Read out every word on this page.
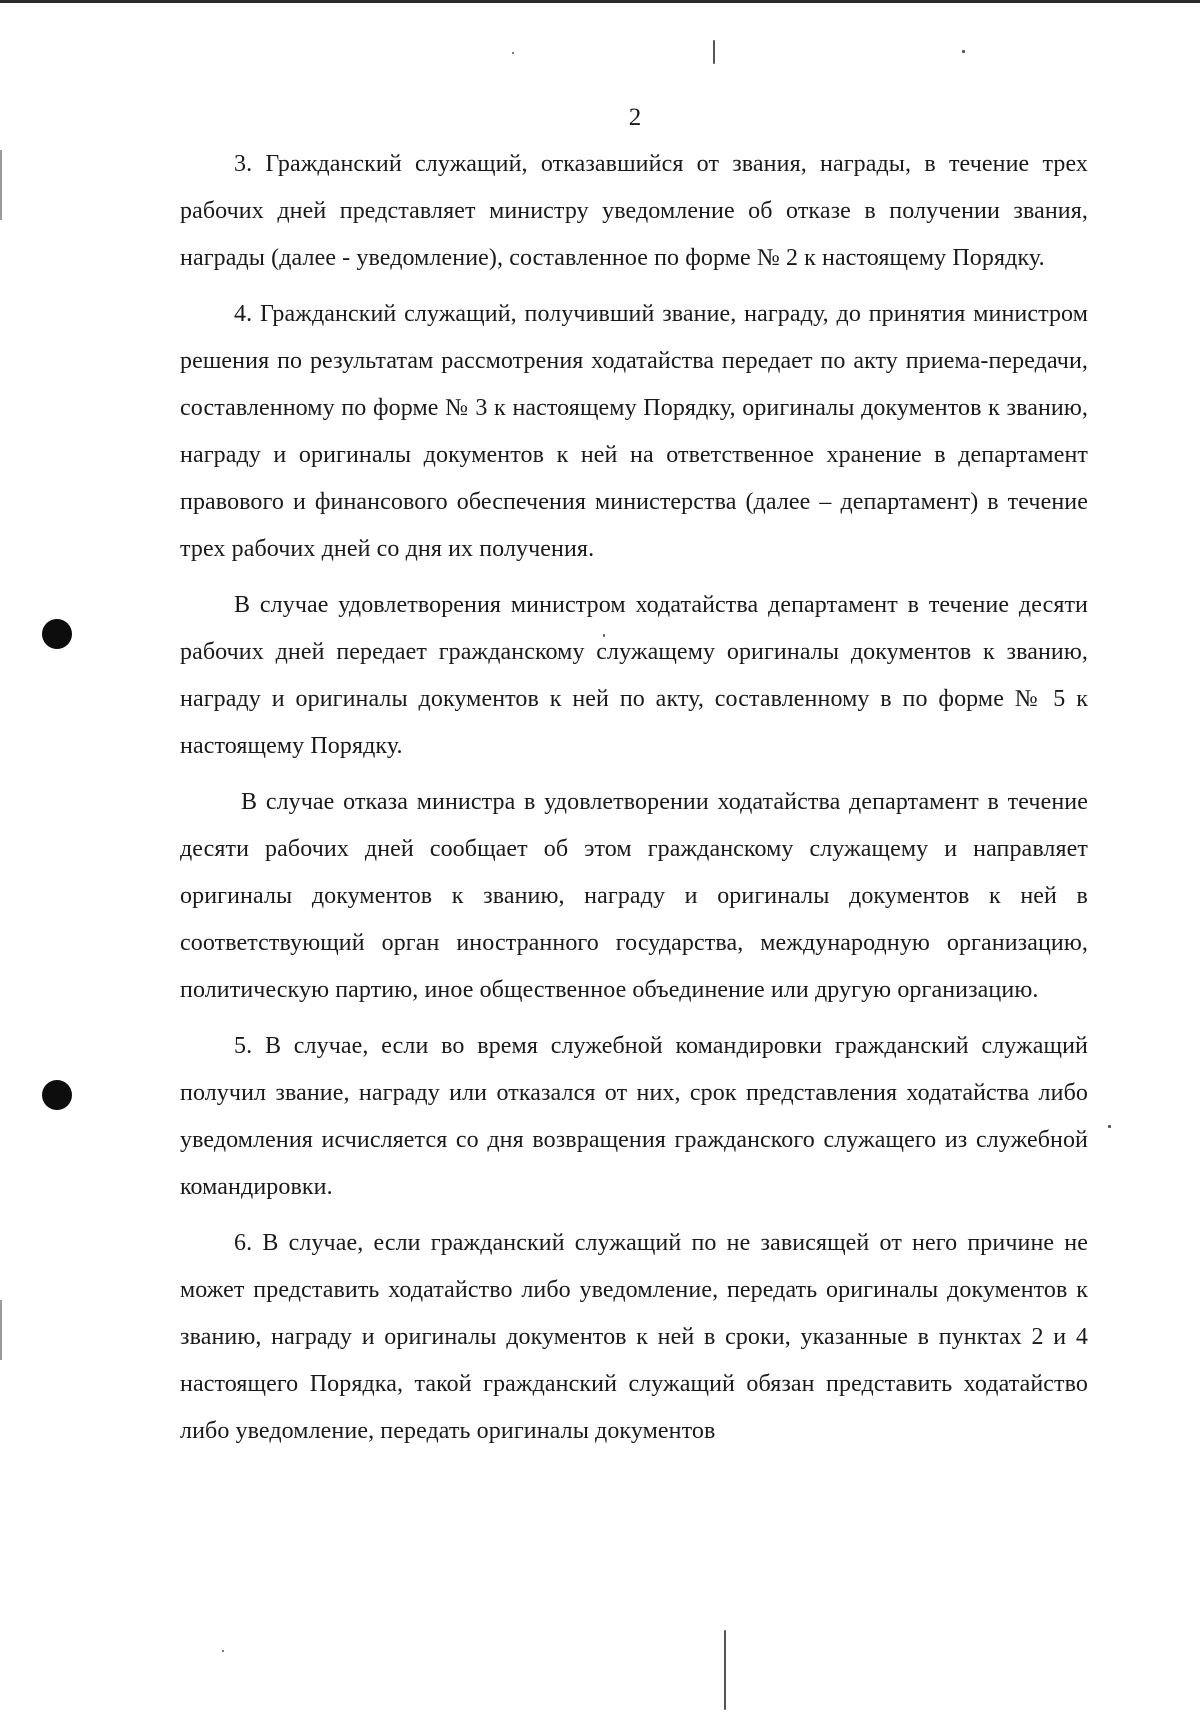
2

3. Гражданский служащий, отказавшийся от звания, награды, в течение трех рабочих дней представляет министру уведомление об отказе в получении звания, награды (далее - уведомление), составленное по форме № 2 к настоящему Порядку.

4. Гражданский служащий, получивший звание, награду, до принятия министром решения по результатам рассмотрения ходатайства передает по акту приема-передачи, составленному по форме № 3 к настоящему Порядку, оригиналы документов к званию, награду и оригиналы документов к ней на ответственное хранение в департамент правового и финансового обеспечения министерства (далее – департамент) в течение трех рабочих дней со дня их получения.

В случае удовлетворения министром ходатайства департамент в течение десяти рабочих дней передает гражданскому служащему оригиналы документов к званию, награду и оригиналы документов к ней по акту, составленному в по форме № 5 к настоящему Порядку.

В случае отказа министра в удовлетворении ходатайства департамент в течение десяти рабочих дней сообщает об этом гражданскому служащему и направляет оригиналы документов к званию, награду и оригиналы документов к ней в соответствующий орган иностранного государства, международную организацию, политическую партию, иное общественное объединение или другую организацию.

5. В случае, если во время служебной командировки гражданский служащий получил звание, награду или отказался от них, срок представления ходатайства либо уведомления исчисляется со дня возвращения гражданского служащего из служебной командировки.

6. В случае, если гражданский служащий по не зависящей от него причине не может представить ходатайство либо уведомление, передать оригиналы документов к званию, награду и оригиналы документов к ней в сроки, указанные в пунктах 2 и 4 настоящего Порядка, такой гражданский служащий обязан представить ходатайство либо уведомление, передать оригиналы документов
